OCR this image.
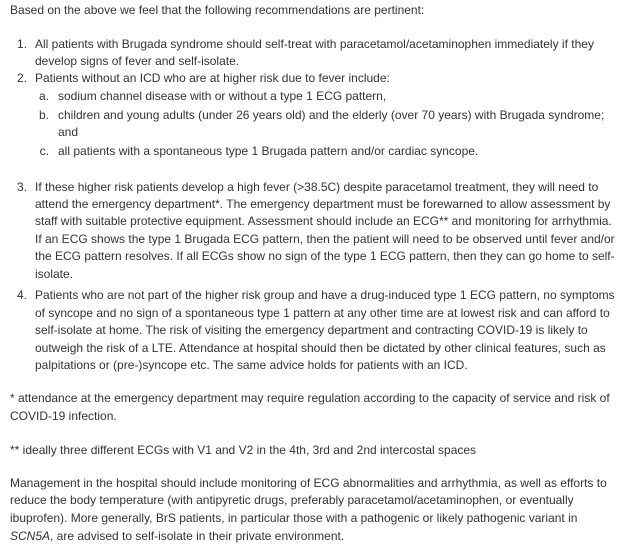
Based on the above we feel that the following recommendations are pertinent:
1. All patients with Brugada syndrome should self-treat with paracetamol/acetaminophen immediately if they
develop signs of fever and self-isolate.
2. Patients without an ICD who are at higher risk due to fever include:
a. sodium channel disease with or without a type 1 ECG pattern,
b. children and young adults (under 26 years old) and the elderly (over 70 years) with Brugada syndrome;
and
c. all patients with a spontaneous type 1 Brugada pattern and/or cardiac syncope.
3. If these higher risk patients develop a high fever (>38.5C) despite paracetamol treatment, they will need to
attend the emergency department*. The emergency department must be forewarned to allow assessment by
staff with suitable protective equipment. Assessment should include an ECG** and monitoring for arrhythmia.
If an ECG shows the type 1 Brugada ECG pattern, then the patient will need to be observed until fever and/or
the ECG pattern resolves. If all ECGs show no sign of the type 1 ECG pattern, then they can go home to self-
isolate.
4. Patients who are not part of the higher risk group and have a drug-induced type 1 ECG pattern, no symptoms
of syncope and no sign of a spontaneous type 1 pattern at any other time are at lowest risk and can afford to
self-isolate at home. The risk of visiting the emergency department and contracting COVID-19 is likely to
outweigh the risk of a LTE. Attendance at hospital should then be dictated by other clinical features, such as
palpitations or (pre-)syncope etc. The same advice holds for patients with an ICD.
* attendance at the emergency department may require regulation according to the capacity of service and risk of
COVID-19 infection.
** ideally three different ECGs with V1 and V2 in the 4th, 3rd and 2nd intercostal spaces
Management in the hospital should include monitoring of ECG abnormalities and arrhythmia, as well as efforts to
reduce the body temperature (with antipyretic drugs, preferably paracetamol/acetaminophen, or eventually
ibuprofen). More generally, BrS patients, in particular those with a pathogenic or likely pathogenic variant in
SCN5A, are advised to self-isolate in their private environment.
